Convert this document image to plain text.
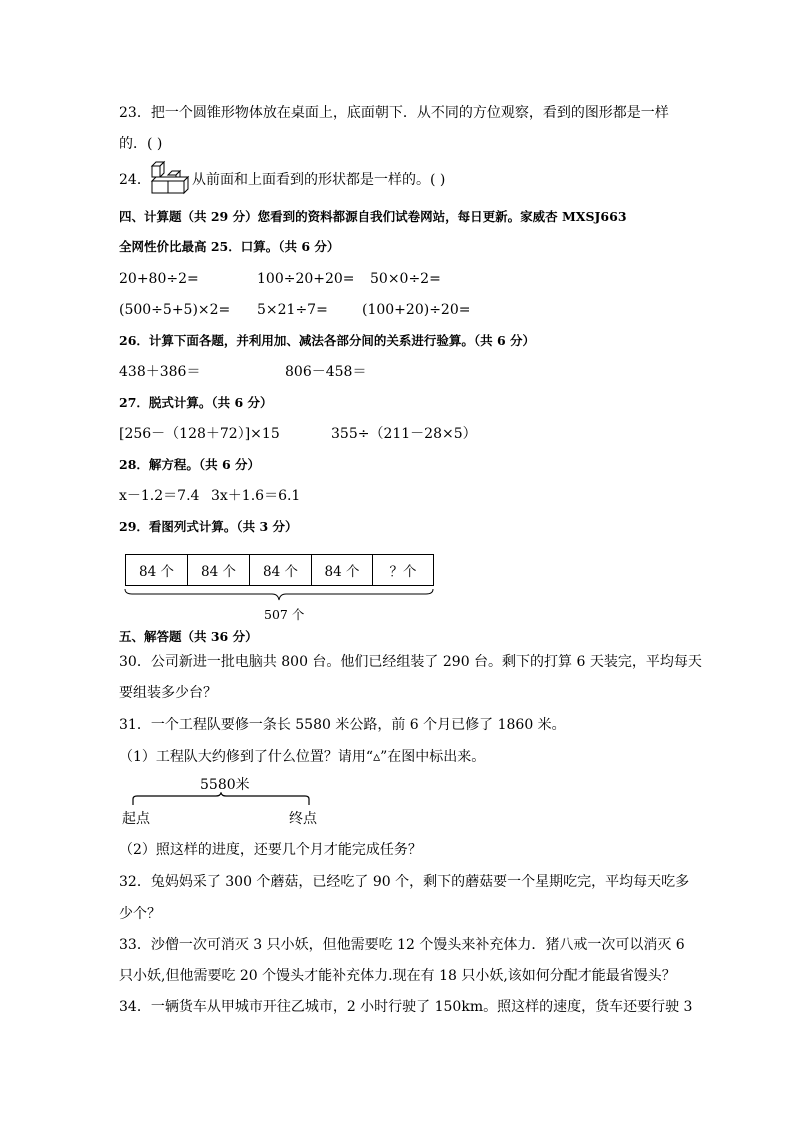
23．把一个圆锥形物体放在桌面上，底面朝下．从不同的方位观察，看到的图形都是一样
的．( )
24．	从前面和上面看到的形状都是一样的。( )
四、计算题（共 29 分）您看到的资料都源自我们试卷网站，每日更新。家威杏 MXSJ663
全网性价比最高 25．口算。（共 6 分）
20+80÷2=	100÷20+20= 50×0÷2=
(500÷5+5)×2= 5×21÷7= (100+20)÷20=
26．计算下面各题，并利用加、减法各部分间的关系进行验算。（共 6 分）
438＋386＝	806－458＝
27．脱式计算。（共 6 分）
[256－（128＋72）]×15	355÷（211－28×5）
28．解方程。（共 6 分）
x－1.2＝7.4 3x＋1.6＝6.1
29．看图列式计算。（共 3 分）
84 个	84 个	84 个	84 个	？个
507 个
五、解答题（共 36 分）
30．公司新进一批电脑共 800 台。他们已经组装了 290 台。剩下的打算 6 天装完，平均每天
要组装多少台？
31．一个工程队要修一条长 5580 米公路，前 6 个月已修了 1860 米。
（1）工程队大约修到了什么位置？请用“▵”在图中标出来。
5580米
起点	终点
（2）照这样的进度，还要几个月才能完成任务？
32．兔妈妈采了 300 个蘑菇，已经吃了 90 个，剩下的蘑菇要一个星期吃完，平均每天吃多
少个？
33．沙僧一次可消灭 3 只小妖，但他需要吃 12 个馒头来补充体力．猪八戒一次可以消灭 6
只小妖,但他需要吃 20 个馒头才能补充体力.现在有 18 只小妖,该如何分配才能最省馒头？
34．一辆货车从甲城市开往乙城市，2 小时行驶了 150km。照这样的速度，货车还要行驶 3
